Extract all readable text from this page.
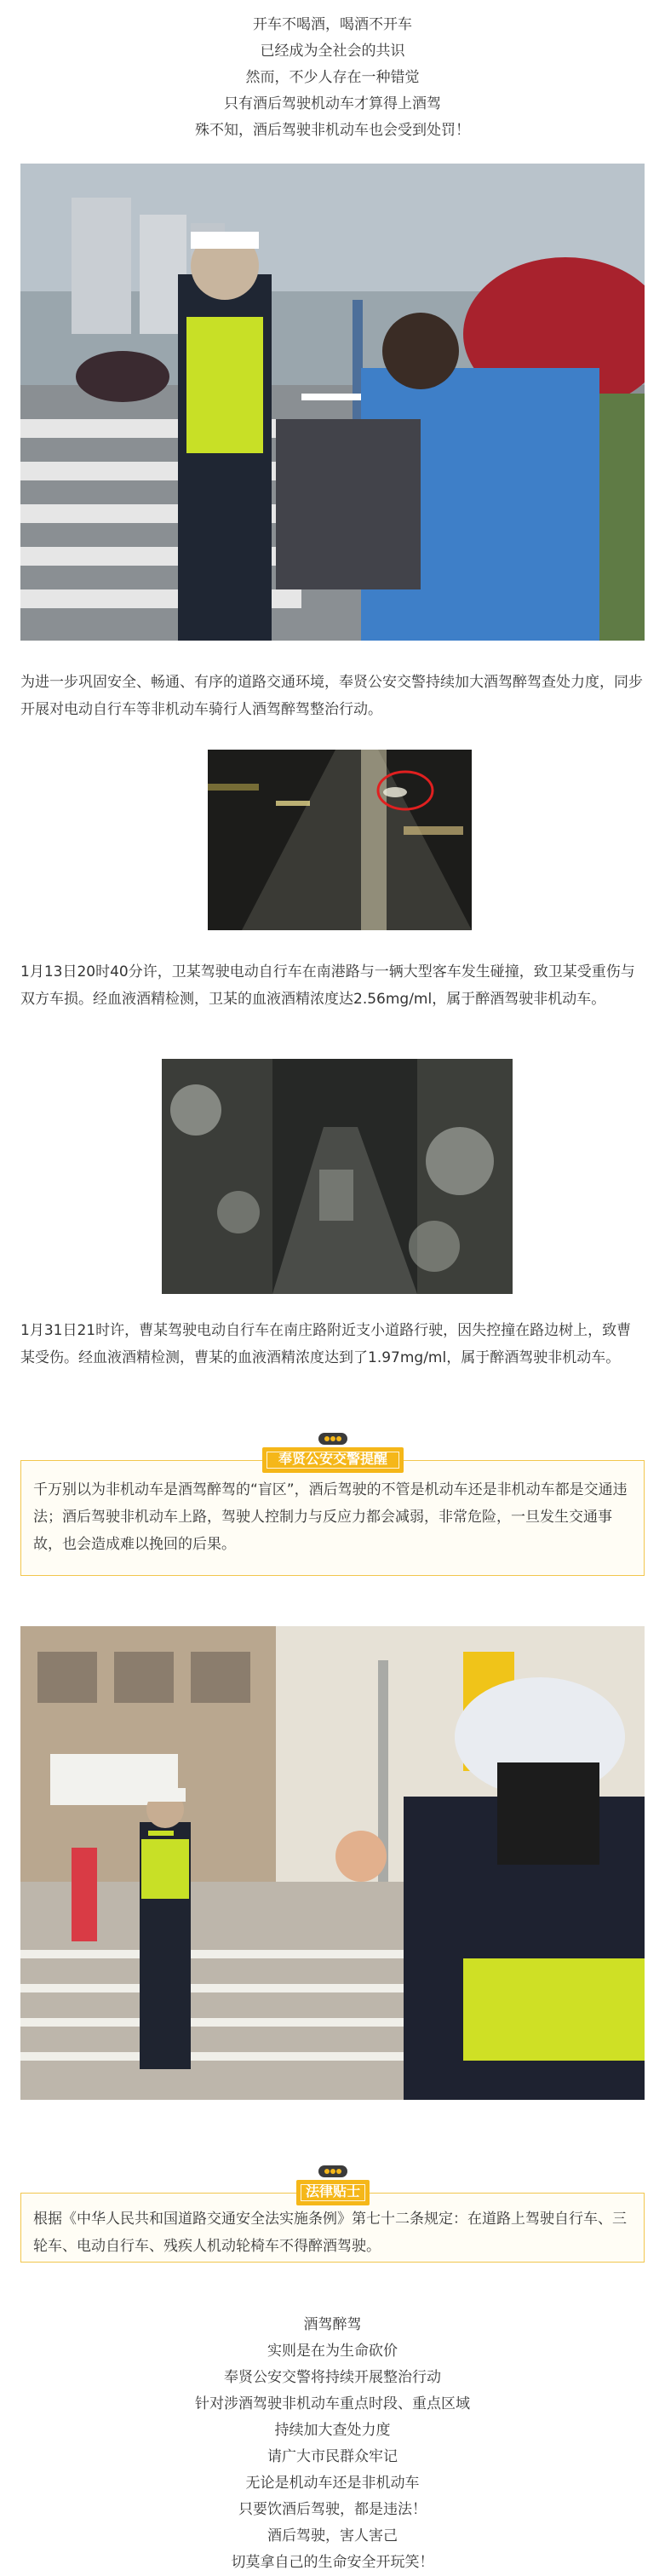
开车不喝酒，喝酒不开车

已经成为全社会的共识

然而，不少人存在一种错觉

只有酒后驾驶机动车才算得上酒驾

殊不知，酒后驾驶非机动车也会受到处罚！

为进一步巩固安全、畅通、有序的道路交通环境，奉贤公安交警持续加大酒驾醉驾查处力度，同步开展对电动自行车等非机动车骑行人酒驾醉驾整治行动。

1月13日20时40分许，卫某驾驶电动自行车在南港路与一辆大型客车发生碰撞，致卫某受重伤与双方车损。经血液酒精检测，卫某的血液酒精浓度达2.56mg/ml，属于醉酒驾驶非机动车。

1月31日21时许，曹某驾驶电动自行车在南庄路附近支小道路行驶，因失控撞在路边树上，致曹某受伤。经血液酒精检测，曹某的血液酒精浓度达到了1.97mg/ml，属于醉酒驾驶非机动车。

千万别以为非机动车是酒驾醉驾的“盲区”，酒后驾驶的不管是机动车还是非机动车都是交通违法；酒后驾驶非机动车上路，驾驶人控制力与反应力都会减弱，非常危险，一旦发生交通事故，也会造成难以挽回的后果。

奉贤公安交警提醒

根据《中华人民共和国道路交通安全法实施条例》第七十二条规定：在道路上驾驶自行车、三轮车、电动自行车、残疾人机动轮椅车不得醉酒驾驶。

法律贴士

酒驾醉驾

实则是在为生命砍价

奉贤公安交警将持续开展整治行动

针对涉酒驾驶非机动车重点时段、重点区域

持续加大查处力度

请广大市民群众牢记

无论是机动车还是非机动车

只要饮酒后驾驶，都是违法！

酒后驾驶，害人害己

切莫拿自己的生命安全开玩笑！
